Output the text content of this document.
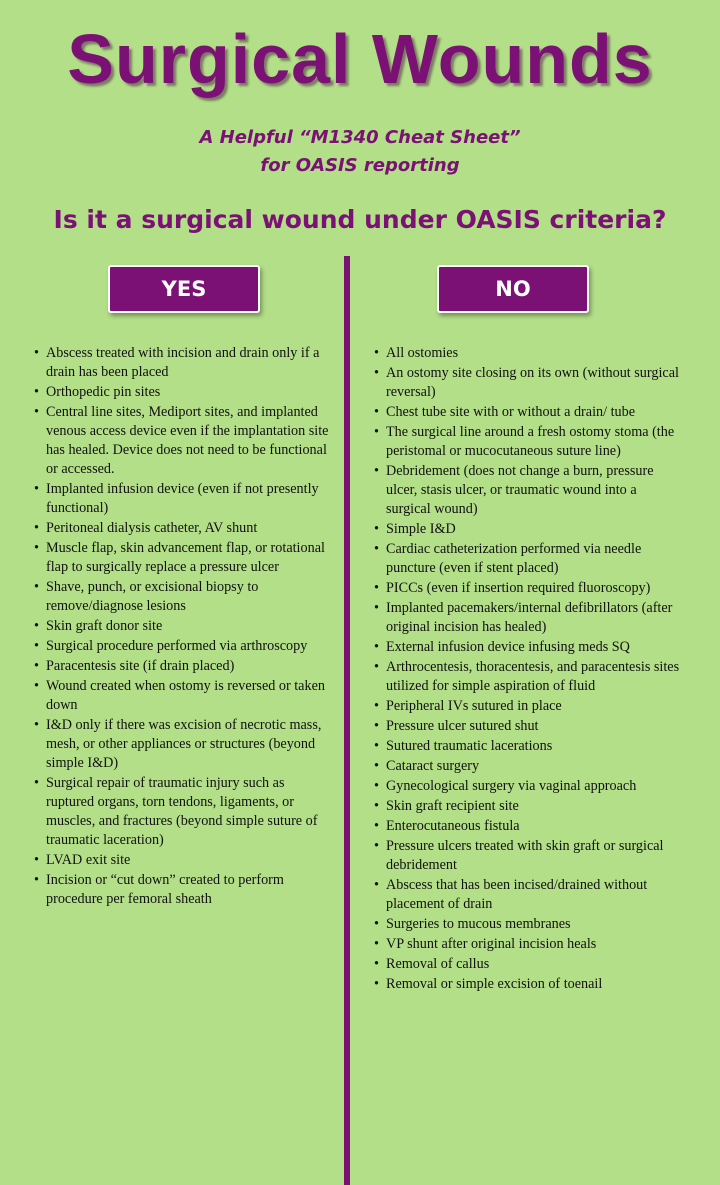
Surgical Wounds
A Helpful “M1340 Cheat Sheet”
for OASIS reporting
Is it a surgical wound under OASIS criteria?
YES	NO
• Abscess treated with incision and drain only if a drain has been placed
• Orthopedic pin sites
• Central line sites, Mediport sites, and implanted venous access device even if the implantation site has healed. Device does not need to be functional or accessed.
• Implanted infusion device (even if not presently functional)
• Peritoneal dialysis catheter, AV shunt
• Muscle flap, skin advancement flap, or rotational flap to surgically replace a pressure ulcer
• Shave, punch, or excisional biopsy to remove/diagnose lesions
• Skin graft donor site
• Surgical procedure performed via arthroscopy
• Paracentesis site (if drain placed)
• Wound created when ostomy is reversed or taken down
• I&D only if there was excision of necrotic mass, mesh, or other appliances or structures (beyond simple I&D)
• Surgical repair of traumatic injury such as ruptured organs, torn tendons, ligaments, or muscles, and fractures (beyond simple suture of traumatic laceration)
• LVAD exit site
• Incision or “cut down” created to perform procedure per femoral sheath
• All ostomies
• An ostomy site closing on its own (without surgical reversal)
• Chest tube site with or without a drain/ tube
• The surgical line around a fresh ostomy stoma (the peristomal or mucocutaneous suture line)
• Debridement (does not change a burn, pressure ulcer, stasis ulcer, or traumatic wound into a surgical wound)
• Simple I&D
• Cardiac catheterization performed via needle puncture (even if stent placed)
• PICCs (even if insertion required fluoroscopy)
• Implanted pacemakers/internal defibrillators (after original incision has healed)
• External infusion device infusing meds SQ
• Arthrocentesis, thoracentesis, and paracentesis sites utilized for simple aspiration of fluid
• Peripheral IVs sutured in place
• Pressure ulcer sutured shut
• Sutured traumatic lacerations
• Cataract surgery
• Gynecological surgery via vaginal approach
• Skin graft recipient site
• Enterocutaneous fistula
• Pressure ulcers treated with skin graft or surgical debridement
• Abscess that has been incised/drained without placement of drain
• Surgeries to mucous membranes
• VP shunt after original incision heals
• Removal of callus
• Removal or simple excision of toenail
